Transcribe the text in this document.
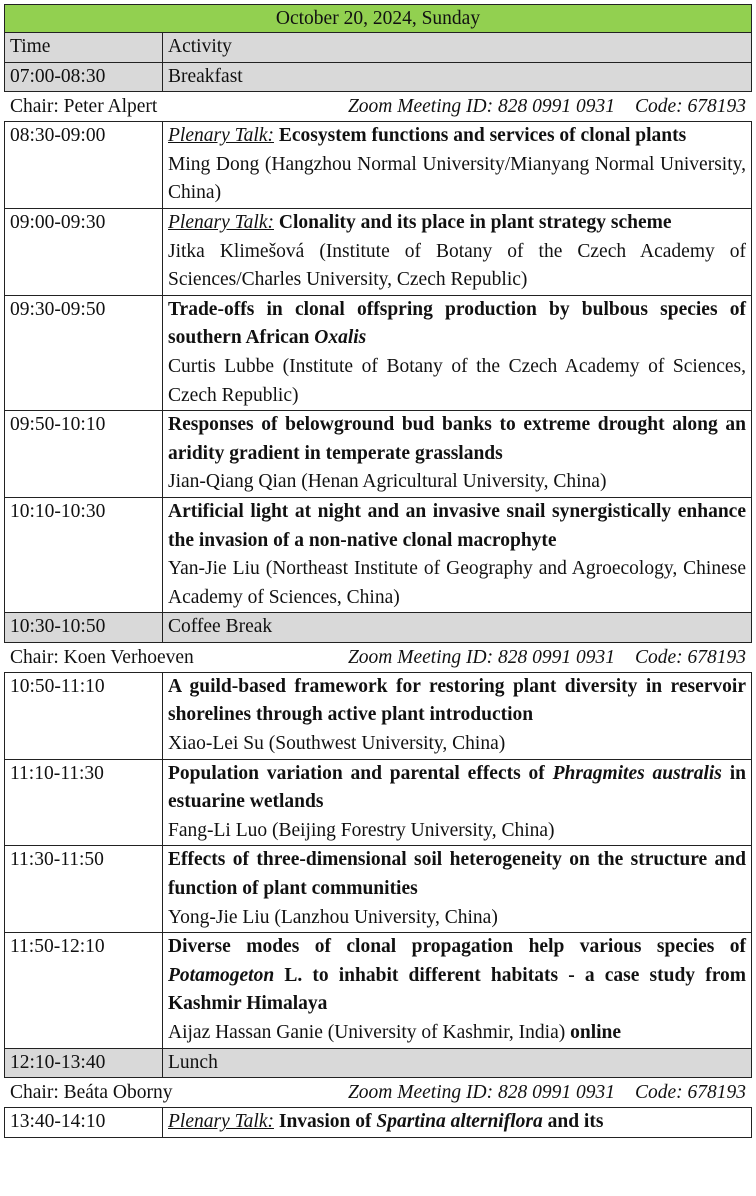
October 20, 2024, Sunday	
Time	Activity
07:00-08:30	Breakfast

Chair: Peter Alpert Zoom Meeting ID: 828 0991 0931 Code: 678193	

08:30-09:00	Plenary Talk: Ecosystem functions and services of clonal plants
Ming Dong (Hangzhou Normal University/Mianyang Normal University, China)
09:00-09:30	Plenary Talk: Clonality and its place in plant strategy scheme
Jitka Klimešová (Institute of Botany of the Czech Academy of Sciences/Charles University, Czech Republic)
09:30-09:50	Trade-offs in clonal offspring production by bulbous species of southern African Oxalis
Curtis Lubbe (Institute of Botany of the Czech Academy of Sciences, Czech Republic)
09:50-10:10	Responses of belowground bud banks to extreme drought along an aridity gradient in temperate grasslands
Jian-Qiang Qian (Henan Agricultural University, China)
10:10-10:30	Artificial light at night and an invasive snail synergistically enhance the invasion of a non-native clonal macrophyte
Yan-Jie Liu (Northeast Institute of Geography and Agroecology, Chinese Academy of Sciences, China)
10:30-10:50	Coffee Break

Chair: Koen Verhoeven Zoom Meeting ID: 828 0991 0931 Code: 678193	

10:50-11:10	A guild-based framework for restoring plant diversity in reservoir shorelines through active plant introduction
Xiao-Lei Su (Southwest University, China)
11:10-11:30	Population variation and parental effects of Phragmites australis in estuarine wetlands
Fang-Li Luo (Beijing Forestry University, China)
11:30-11:50	Effects of three-dimensional soil heterogeneity on the structure and function of plant communities
Yong-Jie Liu (Lanzhou University, China)
11:50-12:10	Diverse modes of clonal propagation help various species of Potamogeton L. to inhabit different habitats - a case study from Kashmir Himalaya
Aijaz Hassan Ganie (University of Kashmir, India) online
12:10-13:40	Lunch

Chair: Beáta Oborny Zoom Meeting ID: 828 0991 0931 Code: 678193	

13:40-14:10	Plenary Talk: Invasion of Spartina alterniflora and its
